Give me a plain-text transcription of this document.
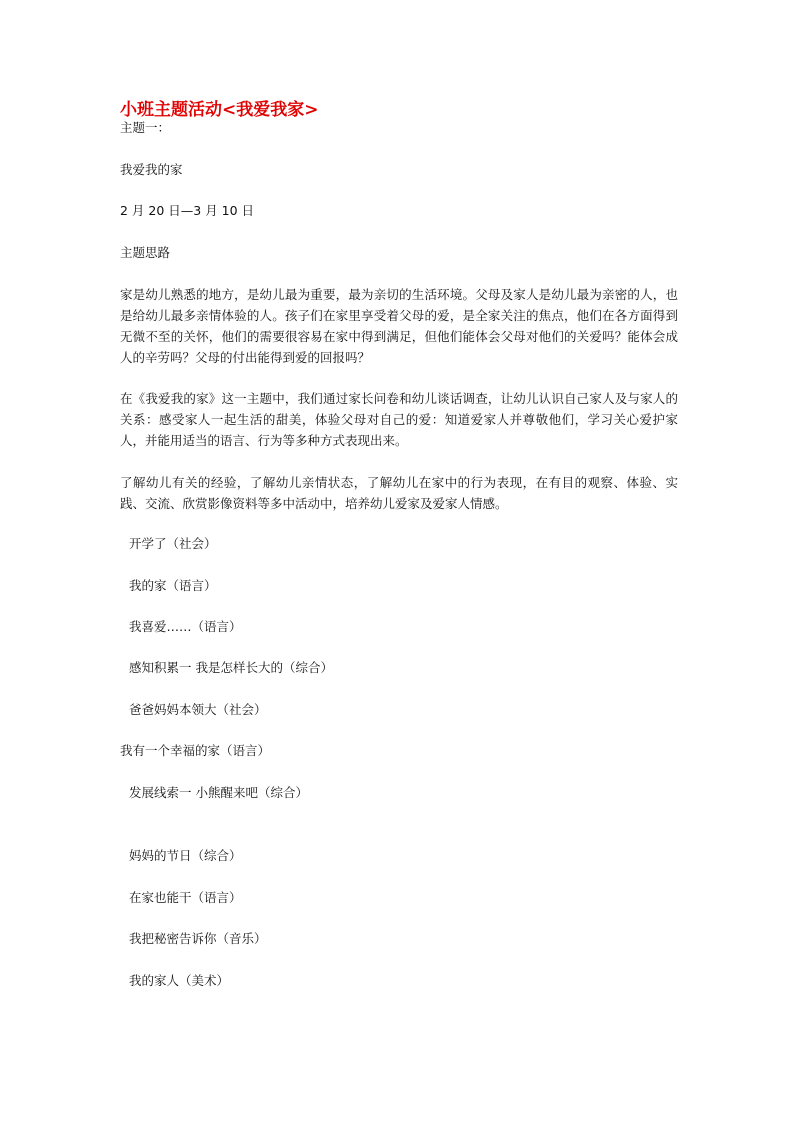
小班主题活动<我爱我家>
主题一：
我爱我的家
2 月 20 日—3 月 10 日
主题思路
家是幼儿熟悉的地方，是幼儿最为重要，最为亲切的生活环境。父母及家人是幼儿最为亲密的人，也是给幼儿最多亲情体验的人。孩子们在家里享受着父母的爱，是全家关注的焦点，他们在各方面得到无微不至的关怀，他们的需要很容易在家中得到满足，但他们能体会父母对他们的关爱吗？能体会成人的辛劳吗？父母的付出能得到爱的回报吗？
在《我爱我的家》这一主题中，我们通过家长问卷和幼儿谈话调查，让幼儿认识自己家人及与家人的关系：感受家人一起生活的甜美，体验父母对自己的爱：知道爱家人并尊敬他们，学习关心爱护家人，并能用适当的语言、行为等多种方式表现出来。
了解幼儿有关的经验，了解幼儿亲情状态，了解幼儿在家中的行为表现，在有目的观察、体验、实践、交流、欣赏影像资料等多中活动中，培养幼儿爱家及爱家人情感。
开学了（社会）
我的家（语言）
我喜爱……（语言）
感知积累一 我是怎样长大的（综合）
爸爸妈妈本领大（社会）
我有一个幸福的家（语言）
发展线索一 小熊醒来吧（综合）
妈妈的节日（综合）
在家也能干（语言）
我把秘密告诉你（音乐）
我的家人（美术）
